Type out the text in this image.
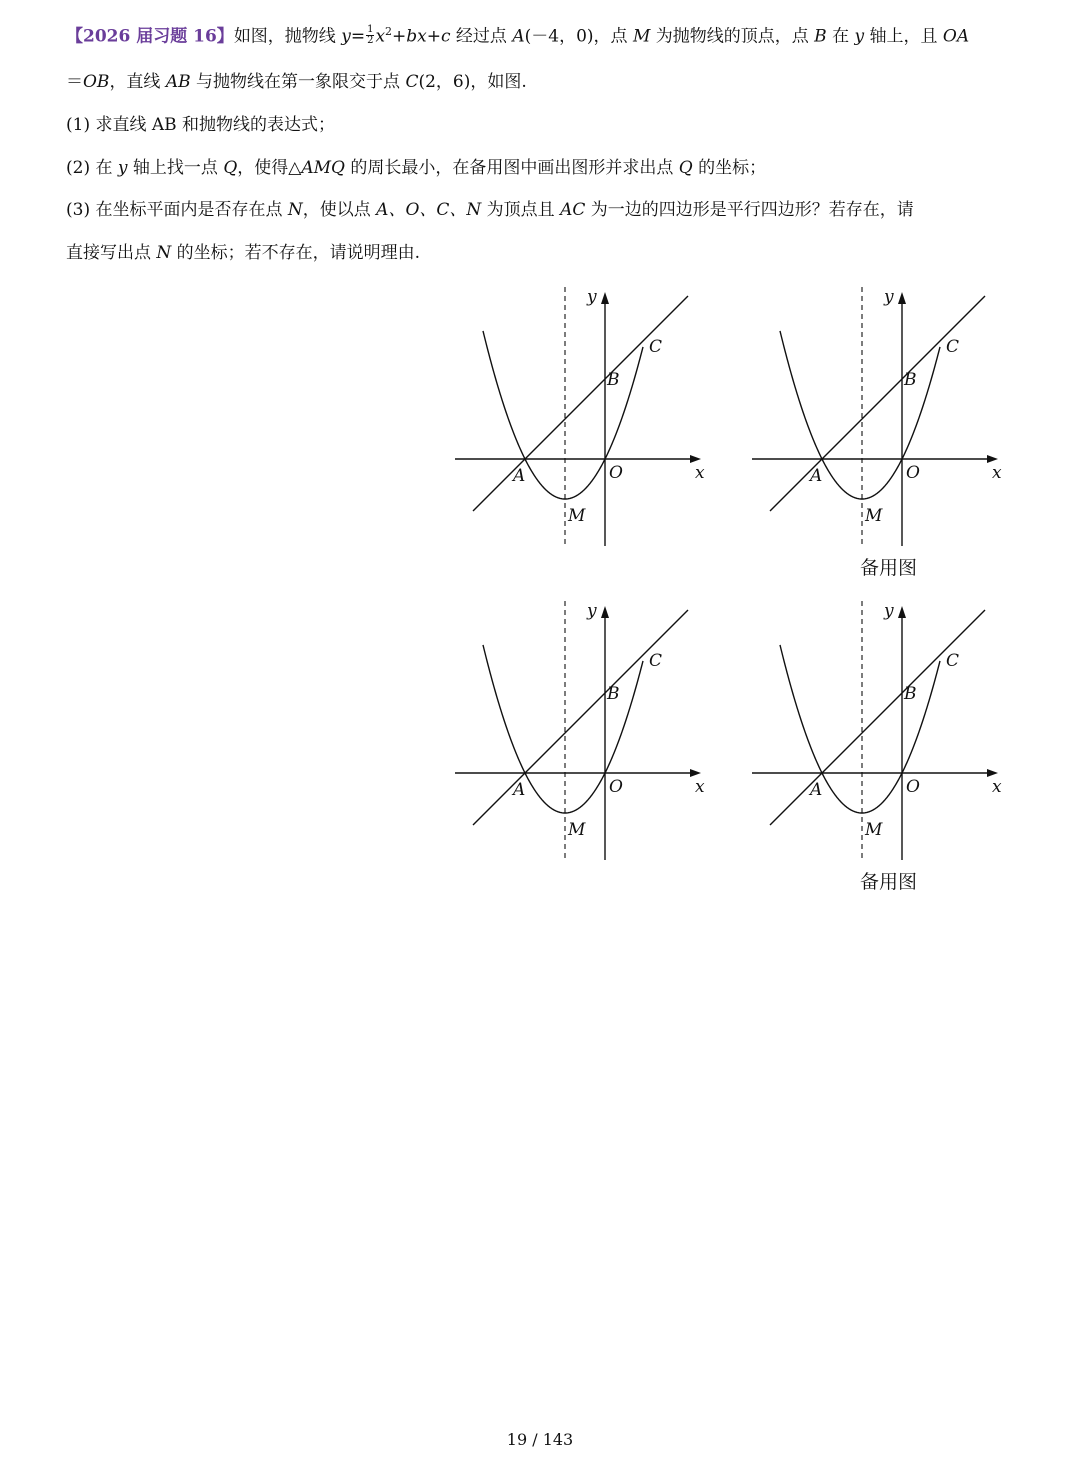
【2026 届习题 16】如图，抛物线 $y= \frac{1}{2} x^2+bx+c$ 经过点 A(－4，0)，点 M 为抛物线的顶点，点 B 在 y 轴上，且 OA
＝OB，直线 AB 与抛物线在第一象限交于点 C(2，6)，如图.
(1) 求直线 AB 和抛物线的表达式；
(2) 在 y 轴上找一点 Q，使得△AMQ 的周长最小，在备用图中画出图形并求出点 Q 的坐标；
(3) 在坐标平面内是否存在点 N，使以点 A、O、C、N 为顶点且 AC 为一边的四边形是平行四边形？若存在，请
直接写出点 N 的坐标；若不存在，请说明理由.
y
x
A	O
B
C
M
y
x
A	O
B
C
M
备用图
y
x
A	O
B
C
M
y
x
A	O
B
C
M
备用图
19 / 143
